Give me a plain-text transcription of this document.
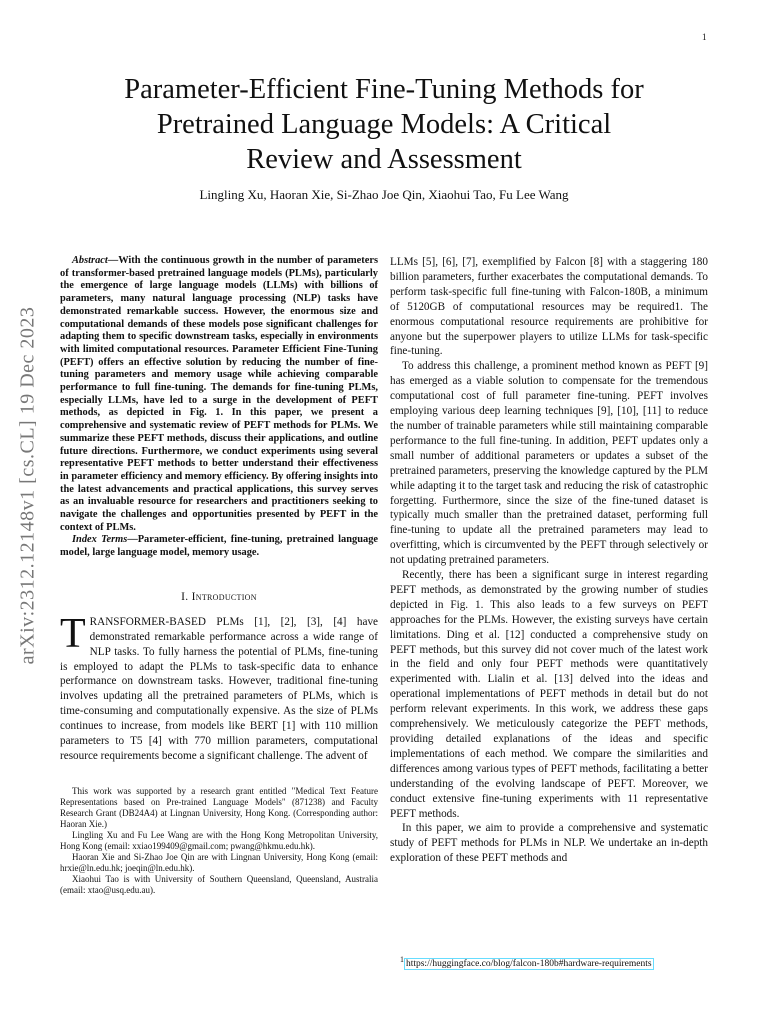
1
arXiv:2312.12148v1 [cs.CL] 19 Dec 2023
Parameter-Efficient Fine-Tuning Methods for
Pretrained Language Models: A Critical
Review and Assessment
Lingling Xu, Haoran Xie, Si-Zhao Joe Qin, Xiaohui Tao, Fu Lee Wang

Abstract—With the continuous growth in the number of parameters of transformer-based pretrained language models (PLMs), particularly the emergence of large language models (LLMs) with billions of parameters, many natural language processing (NLP) tasks have demonstrated remarkable success. However, the enormous size and computational demands of these models pose significant challenges for adapting them to specific downstream tasks, especially in environments with limited computational resources. Parameter Efficient Fine-Tuning (PEFT) offers an effective solution by reducing the number of fine-tuning parameters and memory usage while achieving comparable performance to full fine-tuning. The demands for fine-tuning PLMs, especially LLMs, have led to a surge in the development of PEFT methods, as depicted in Fig. 1. In this paper, we present a comprehensive and systematic review of PEFT methods for PLMs. We summarize these PEFT methods, discuss their applications, and outline future directions. Furthermore, we conduct experiments using several representative PEFT methods to better understand their effectiveness in parameter efficiency and memory efficiency. By offering insights into the latest advancements and practical applications, this survey serves as an invaluable resource for researchers and practitioners seeking to navigate the challenges and opportunities presented by PEFT in the context of PLMs.

Index Terms—Parameter-efficient, fine-tuning, pretrained language model, large language model, memory usage.

I. Introduction

TRANSFORMER-BASED PLMs [1], [2], [3], [4] have demonstrated remarkable performance across a wide range of NLP tasks. To fully harness the potential of PLMs, fine-tuning is employed to adapt the PLMs to task-specific data to enhance performance on downstream tasks. However, traditional fine-tuning involves updating all the pretrained parameters of PLMs, which is time-consuming and computationally expensive. As the size of PLMs continues to increase, from models like BERT [1] with 110 million parameters to T5 [4] with 770 million parameters, computational resource requirements become a significant challenge. The advent of

This work was supported by a research grant entitled "Medical Text Feature Representations based on Pre-trained Language Models" (871238) and Faculty Research Grant (DB24A4) at Lingnan University, Hong Kong. (Corresponding author: Haoran Xie.)

Lingling Xu and Fu Lee Wang are with the Hong Kong Metropolitan University, Hong Kong (email: xxiao199409@gmail.com; pwang@hkmu.edu.hk).

Haoran Xie and Si-Zhao Joe Qin are with Lingnan University, Hong Kong (email: hrxie@ln.edu.hk; joeqin@ln.edu.hk).

Xiaohui Tao is with University of Southern Queensland, Queensland, Australia (email: xtao@usq.edu.au).

LLMs [5], [6], [7], exemplified by Falcon [8] with a staggering 180 billion parameters, further exacerbates the computational demands. To perform task-specific full fine-tuning with Falcon-180B, a minimum of 5120GB of computational resources may be required1. The enormous computational resource requirements are prohibitive for anyone but the superpower players to utilize LLMs for task-specific fine-tuning.

To address this challenge, a prominent method known as PEFT [9] has emerged as a viable solution to compensate for the tremendous computational cost of full parameter fine-tuning. PEFT involves employing various deep learning techniques [9], [10], [11] to reduce the number of trainable parameters while still maintaining comparable performance to the full fine-tuning. In addition, PEFT updates only a small number of additional parameters or updates a subset of the pretrained parameters, preserving the knowledge captured by the PLM while adapting it to the target task and reducing the risk of catastrophic forgetting. Furthermore, since the size of the fine-tuned dataset is typically much smaller than the pretrained dataset, performing full fine-tuning to update all the pretrained parameters may lead to overfitting, which is circumvented by the PEFT through selectively or not updating pretrained parameters.

Recently, there has been a significant surge in interest regarding PEFT methods, as demonstrated by the growing number of studies depicted in Fig. 1. This also leads to a few surveys on PEFT approaches for the PLMs. However, the existing surveys have certain limitations. Ding et al. [12] conducted a comprehensive study on PEFT methods, but this survey did not cover much of the latest work in the field and only four PEFT methods were quantitatively experimented with. Lialin et al. [13] delved into the ideas and operational implementations of PEFT methods in detail but do not perform relevant experiments. In this work, we address these gaps comprehensively. We meticulously categorize the PEFT methods, providing detailed explanations of the ideas and specific implementations of each method. We compare the similarities and differences among various types of PEFT methods, facilitating a better understanding of the evolving landscape of PEFT. Moreover, we conduct extensive fine-tuning experiments with 11 representative PEFT methods.

In this paper, we aim to provide a comprehensive and systematic study of PEFT methods for PLMs in NLP. We undertake an in-depth exploration of these PEFT methods and

$^1$ https://huggingface.co/blog/falcon-180b#hardware-requirements
